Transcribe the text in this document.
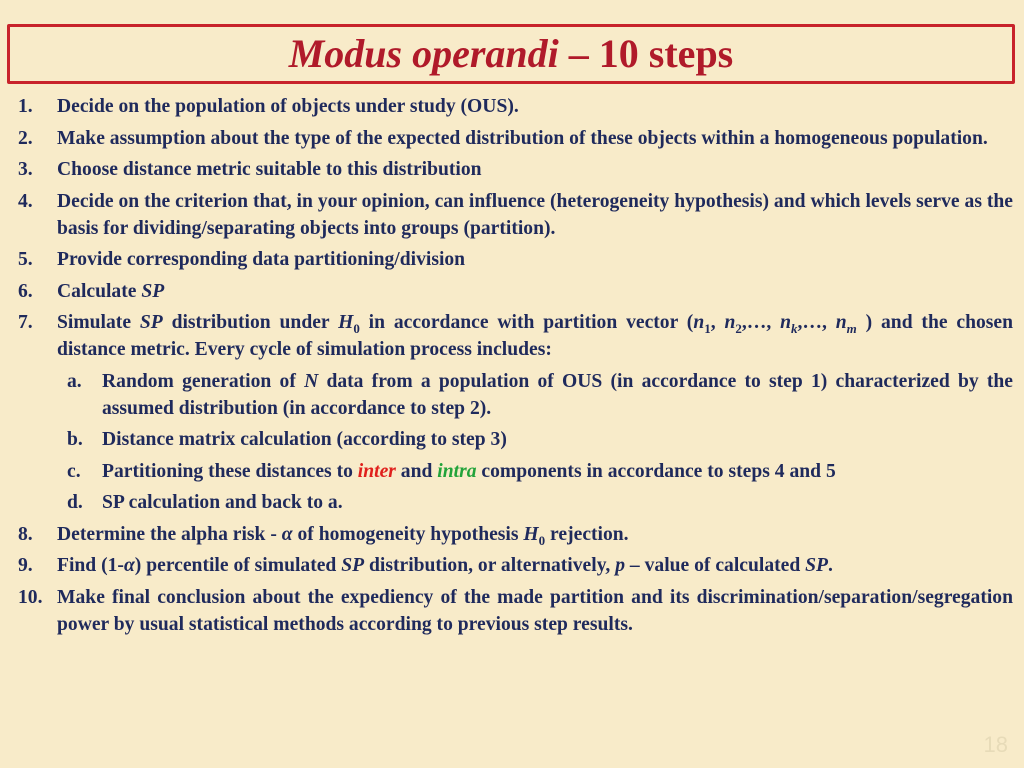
Modus operandi – 10 steps
1.	Decide on the population of objects under study (OUS).
2.	Make assumption about the type of the expected distribution of these objects within a homogeneous population.
3.	Choose distance metric suitable to this distribution
4.	Decide on the criterion that, in your opinion, can influence (heterogeneity hypothesis) and which levels serve as the basis for dividing/separating objects into groups (partition).
5.	Provide corresponding data partitioning/division
6.	Calculate SP
7.	Simulate SP distribution under $H_0$ in accordance with partition vector ($n_1$, $n_2,\dots$, $n_k,\dots$, $n_m$ ) and the chosen distance metric. Every cycle of simulation process includes:
a.	Random generation of N data from a population of OUS (in accordance to step 1) characterized by the assumed distribution (in accordance to step 2).
b. Distance matrix calculation (according to step 3)
c.	Partitioning these distances to inter and intra components in accordance to steps 4 and 5
d. SP calculation and back to a.
8.	Determine the alpha risk - α of homogeneity hypothesis $H_0$ rejection.
9.	Find (1-α) percentile of simulated SP distribution, or alternatively, p – value of calculated SP.
10. Make final conclusion about the expediency of the made partition and its discrimination/separation/segregation power by usual statistical methods according to previous step results.
18
